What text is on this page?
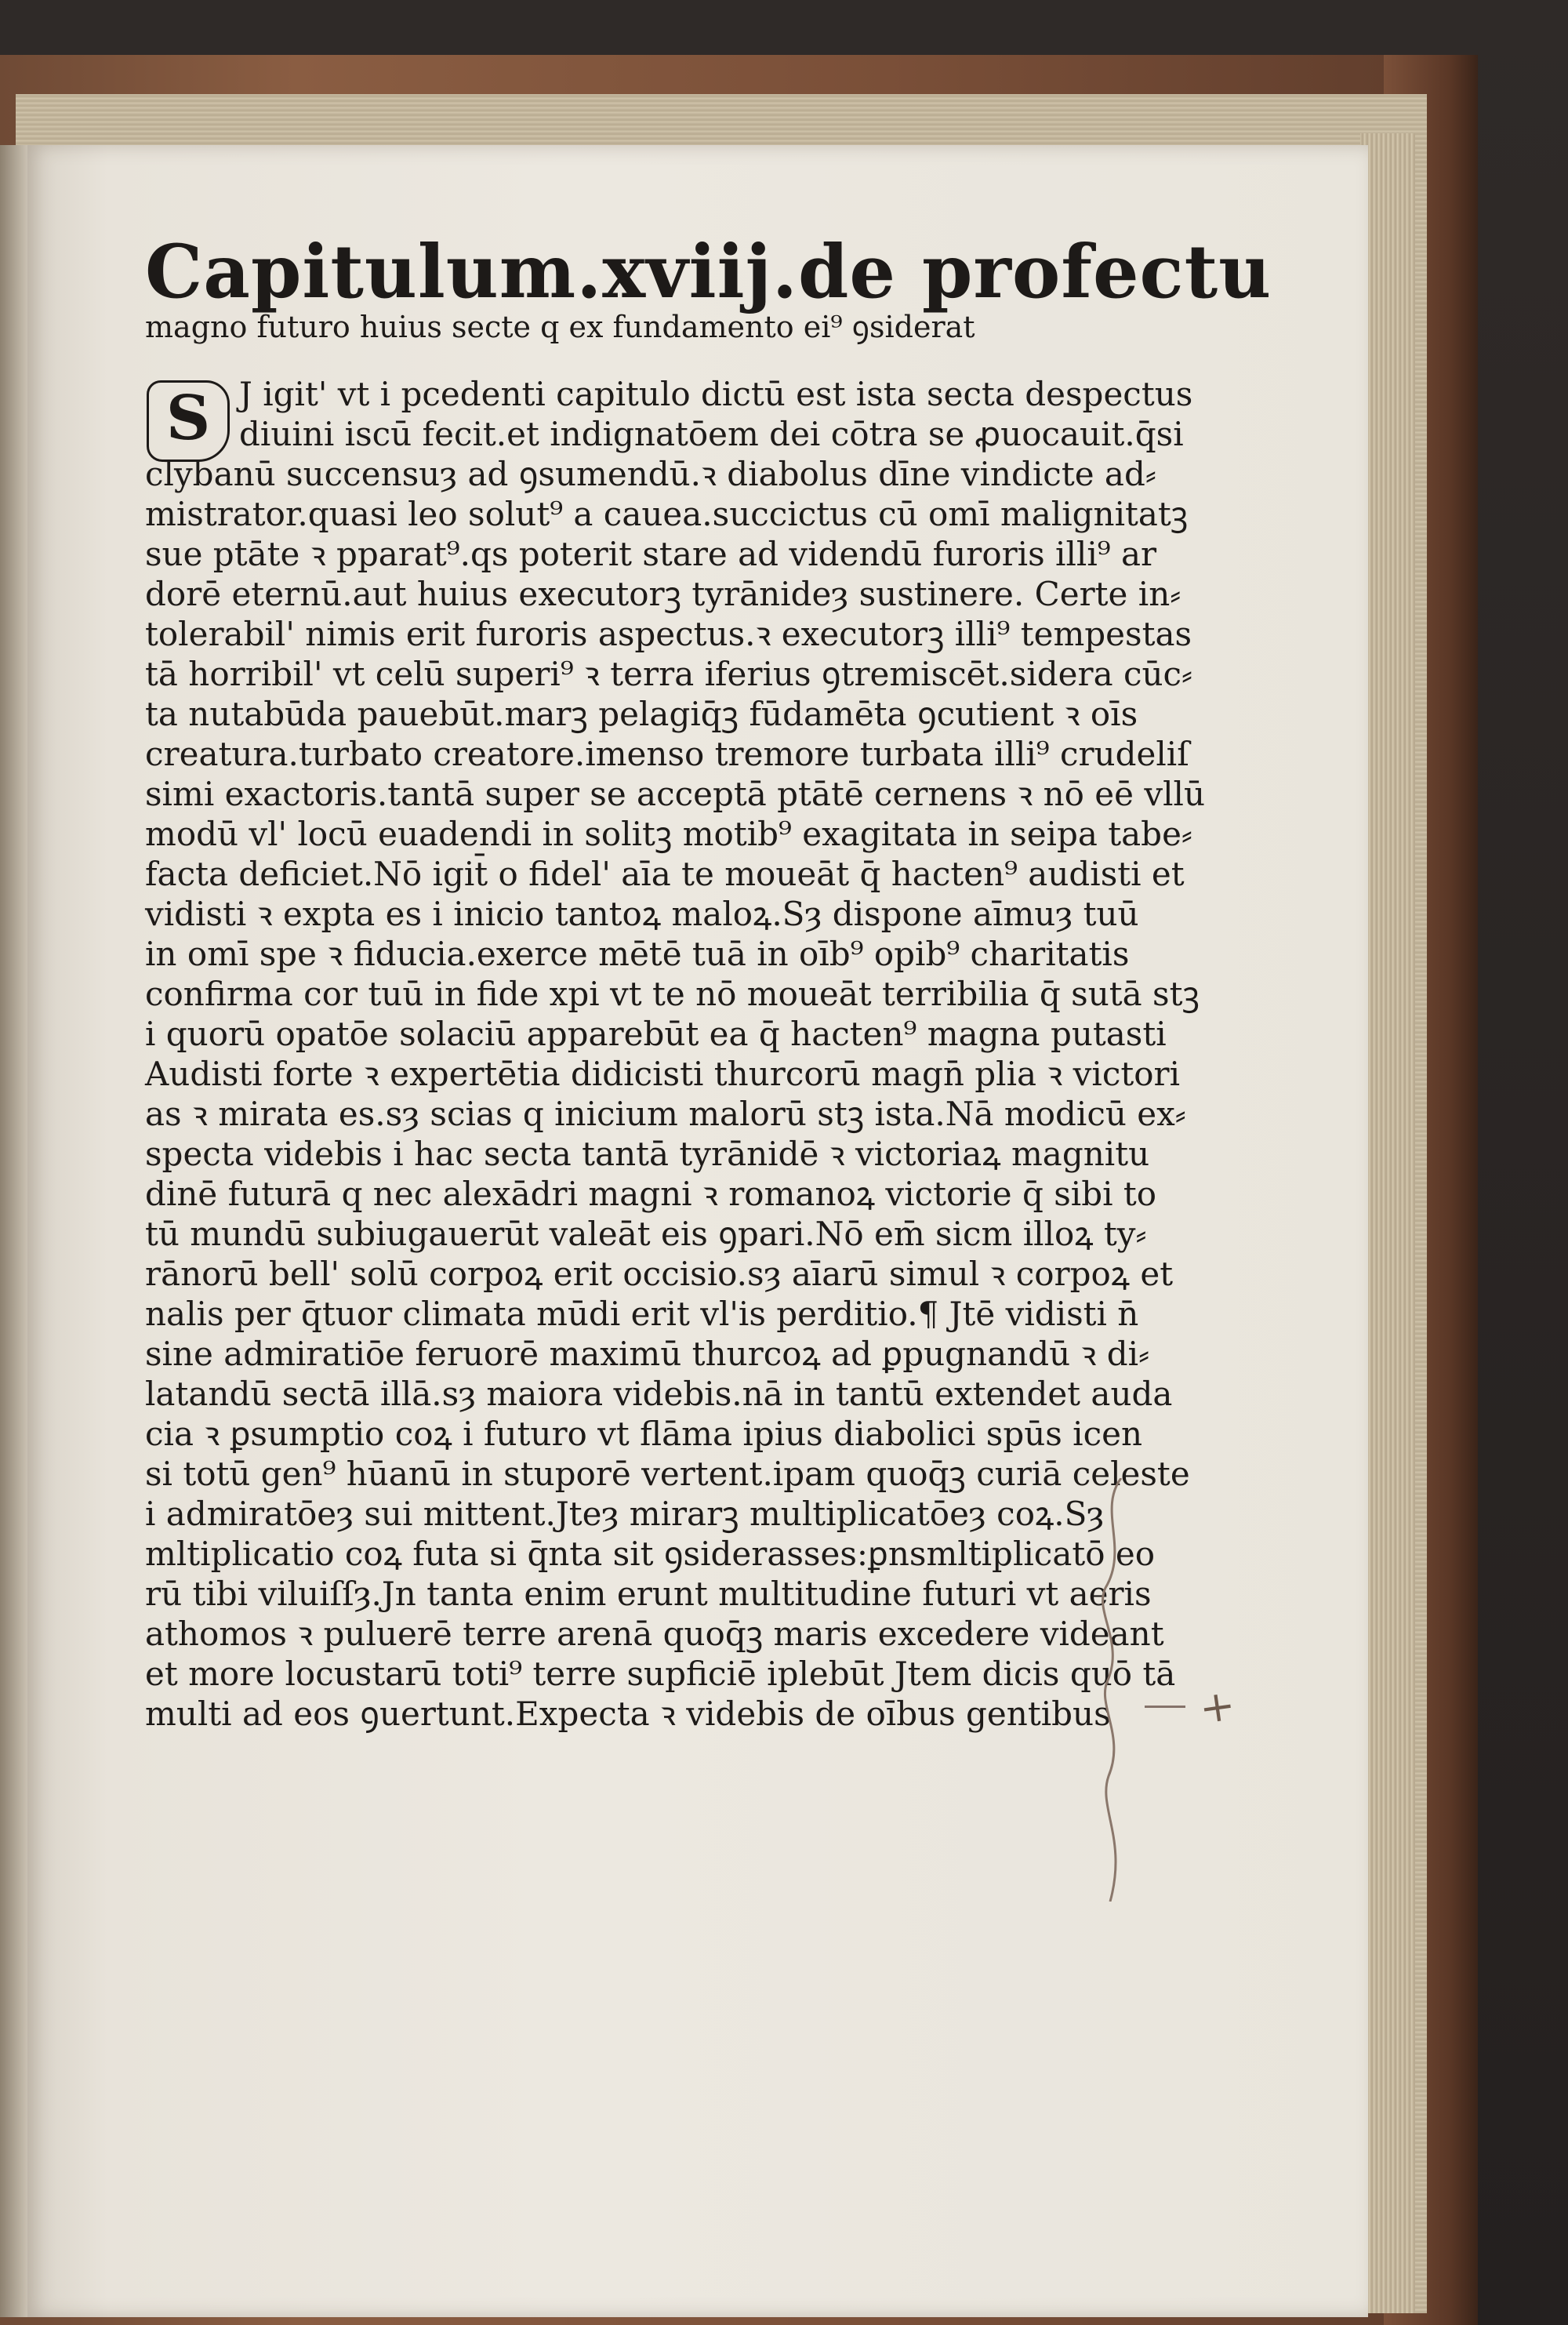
Capitulum.xviij.de profectu
magno futuro huius secte q ex fundamento ei⁹ ꝯsiderat
S J igit' vt i pcedenti capitulo dictū est ista secta despectus
diuini iscū fecit.et indignatōem dei cōtra se ꝓuocauit.q̄si
clybanū succensuȝ ad ꝯsumendū.ꝛ diabolus dīne vindicte ad⸗
mistrator.quasi leo solut⁹ a cauea.succictus cū omī malignitatꝫ
sue ptāte ꝛ pparat⁹.qs poterit stare ad videndū furoris illi⁹ ar
dorē eternū.aut huius executorꝫ tyrānideȝ sustinere. Certe in⸗
tolerabil' nimis erit furoris aspectus.ꝛ executorꝫ illi⁹ tempestas
tā horribil' vt celū superi⁹ ꝛ terra iferius ꝯtremiscēt.sidera cūc⸗
ta nutabūda pauebūt.marꝫ pelagiq̄ꝫ fūdamēta ꝯcutient ꝛ oīs
creatura.turbato creatore.imenso tremore turbata illi⁹ crudeliſ
simi exactoris.tantā super se acceptā ptātē cernens ꝛ nō eē vllū
modū vl' locū euadendi in solitꝫ motib⁹ exagitata in seipa tabe⸗
facta deficiet.Nō igit̄ o fidel' aīa te moueāt q̄ hacten⁹ audisti et
vidisti ꝛ expta es i inicio tantoꝝ maloꝝ.Sȝ dispone aīmuȝ tuū
in omī spe ꝛ fiducia.exerce mētē tuā in oīb⁹ opib⁹ charitatis
confirma cor tuū in fide xpi vt te nō moueāt terribilia q̄ sutā stꝫ
i quorū opatōe solaciū apparebūt ea q̄ hacten⁹ magna putasti
Audisti forte ꝛ expertētia didicisti thurcorū magn̄ plia ꝛ victori
as ꝛ mirata es.sȝ scias q inicium malorū stꝫ ista.Nā modicū ex⸗
specta videbis i hac secta tantā tyrānidē ꝛ victoriaꝝ magnitu
dinē futurā q nec alexādri magni ꝛ romanoꝝ victorie q̄ sibi to
tū mundū subiugauerūt valeāt eis ꝯpari.Nō em̄ sicm illoꝝ ty⸗
rānorū bell' solū corpoꝝ erit occisio.sȝ aīarū simul ꝛ corpoꝝ et
nalis per q̄tuor climata mūdi erit vl'is perditio.¶ Jtē vidisti n̄
sine admiratiōe feruorē maximū thurcoꝝ ad ꝑpugnandū ꝛ di⸗
latandū sectā illā.sȝ maiora videbis.nā in tantū extendet auda
cia ꝛ ꝑsumptio coꝝ i futuro vt flāma ipius diabolici spūs icen
si totū gen⁹ hūanū in stuporē vertent.ipam quoq̄ꝫ curiā celeste
i admiratōeȝ sui mittent.Jteȝ mirarꝫ multiplicatōeȝ coꝝ.Sȝ
mltiplicatio coꝝ futa si q̄nta sit ꝯsiderasses:ꝑnsmltiplicatō eo
rū tibi viluiſſȝ.Jn tanta enim erunt multitudine futuri vt aeris
athomos ꝛ puluerē terre arenā quoq̄ꝫ maris excedere videant
et more locustarū toti⁹ terre supficiē iplebūt Jtem dicis quō tā
multi ad eos ꝯuertunt.Expecta ꝛ videbis de oībus gentibus	+
